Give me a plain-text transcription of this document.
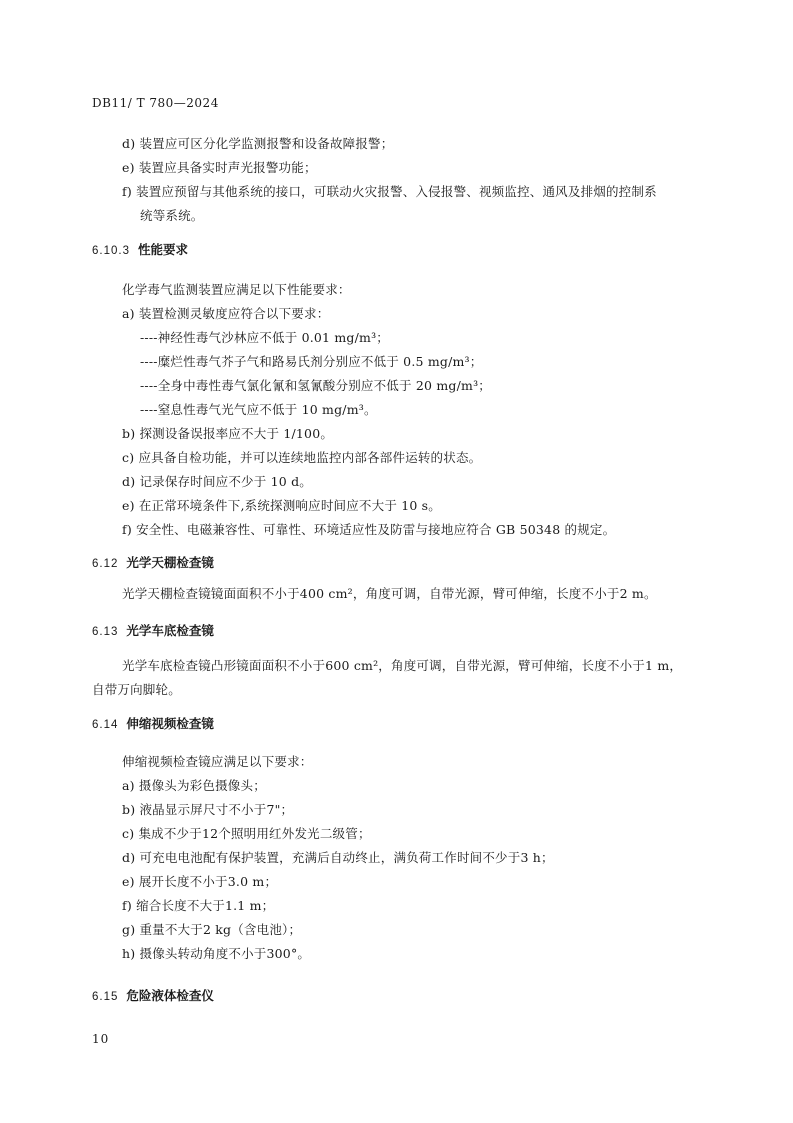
DB11/ T 780—2024
d) 装置应可区分化学监测报警和设备故障报警；
e) 装置应具备实时声光报警功能；
f) 装置应预留与其他系统的接口，可联动火灾报警、入侵报警、视频监控、通风及排烟的控制系
统等系统。
6.10.3 性能要求
化学毒气监测装置应满足以下性能要求：
a) 装置检测灵敏度应符合以下要求：
----神经性毒气沙林应不低于 0.01 mg/m³；
----糜烂性毒气芥子气和路易氏剂分别应不低于 0.5 mg/m³；
----全身中毒性毒气氯化氰和氢氰酸分别应不低于 20 mg/m³；
----窒息性毒气光气应不低于 10 mg/m³。
b) 探测设备误报率应不大于 1/100。
c) 应具备自检功能，并可以连续地监控内部各部件运转的状态。
d) 记录保存时间应不少于 10 d。
e) 在正常环境条件下,系统探测响应时间应不大于 10 s。
f) 安全性、电磁兼容性、可靠性、环境适应性及防雷与接地应符合 GB 50348 的规定。
6.12 光学天棚检查镜
光学天棚检查镜镜面面积不小于400 cm²，角度可调，自带光源，臂可伸缩，长度不小于2 m。
6.13 光学车底检查镜
光学车底检查镜凸形镜面面积不小于600 cm²，角度可调，自带光源，臂可伸缩，长度不小于1 m，
自带万向脚轮。
6.14 伸缩视频检查镜
伸缩视频检查镜应满足以下要求：
a) 摄像头为彩色摄像头；
b) 液晶显示屏尺寸不小于7"；
c) 集成不少于12个照明用红外发光二级管；
d) 可充电电池配有保护装置，充满后自动终止，满负荷工作时间不少于3 h；
e) 展开长度不小于3.0 m；
f) 缩合长度不大于1.1 m；
g) 重量不大于2 kg（含电池）；
h) 摄像头转动角度不小于300°。
6.15 危险液体检查仪
10
